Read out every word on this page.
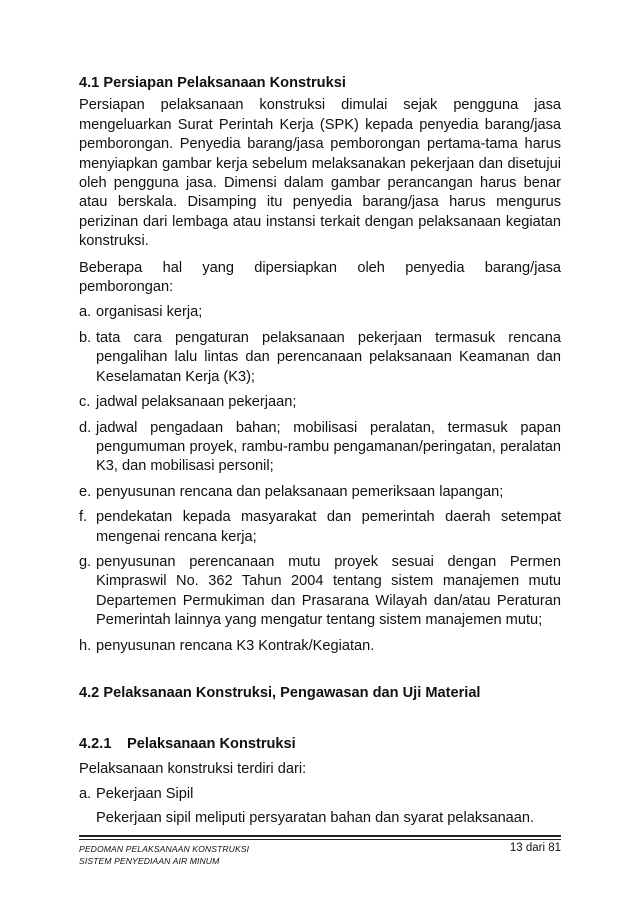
4.1 Persiapan Pelaksanaan Konstruksi

Persiapan pelaksanaan konstruksi dimulai sejak pengguna jasa mengeluarkan Surat Perintah Kerja (SPK) kepada penyedia barang/jasa pemborongan. Penyedia barang/jasa pemborongan pertama-tama harus menyiapkan gambar kerja sebelum melaksanakan pekerjaan dan disetujui oleh pengguna jasa. Dimensi dalam gambar perancangan harus benar atau berskala. Disamping itu penyedia barang/jasa harus mengurus perizinan dari lembaga atau instansi terkait dengan pelaksanaan kegiatan konstruksi.

Beberapa hal yang dipersiapkan oleh penyedia barang/jasa pemborongan:

a. organisasi kerja;
b. tata cara pengaturan pelaksanaan pekerjaan termasuk rencana pengalihan lalu lintas dan perencanaan pelaksanaan Keamanan dan Keselamatan Kerja (K3);
c. jadwal pelaksanaan pekerjaan;
d. jadwal pengadaan bahan; mobilisasi peralatan, termasuk papan pengumuman proyek, rambu-rambu pengamanan/peringatan, peralatan K3, dan mobilisasi personil;
e. penyusunan rencana dan pelaksanaan pemeriksaan lapangan;
f. pendekatan kepada masyarakat dan pemerintah daerah setempat mengenai rencana kerja;
g. penyusunan perencanaan mutu proyek sesuai dengan Permen Kimpraswil No. 362 Tahun 2004 tentang sistem manajemen mutu Departemen Permukiman dan Prasarana Wilayah dan/atau Peraturan Pemerintah lainnya yang mengatur tentang sistem manajemen mutu;
h. penyusunan rencana K3 Kontrak/Kegiatan.
4.2 Pelaksanaan Konstruksi, Pengawasan dan Uji Material
4.2.1 Pelaksanaan Konstruksi

Pelaksanaan konstruksi terdiri dari:

a. Pekerjaan Sipil

Pekerjaan sipil meliputi persyaratan bahan dan syarat pelaksanaan.

PEDOMAN PELAKSANAAN KONSTRUKSI
SISTEM PENYEDIAAN AIR MINUM
13 dari 81
